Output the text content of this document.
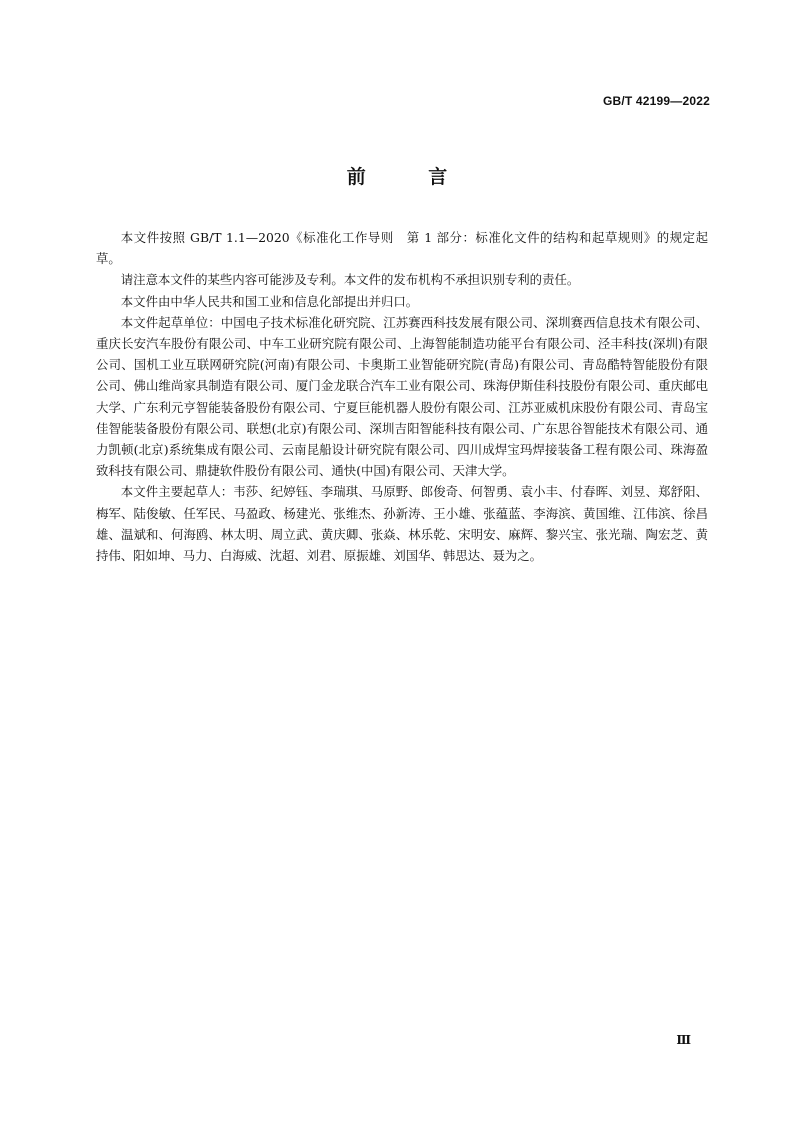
GB/T 42199—2022
前 言

本文件按照 GB/T 1.1—2020《标准化工作导则　第 1 部分：标准化文件的结构和起草规则》的规定起草。

请注意本文件的某些内容可能涉及专利。本文件的发布机构不承担识别专利的责任。

本文件由中华人民共和国工业和信息化部提出并归口。

本文件起草单位：中国电子技术标准化研究院、江苏赛西科技发展有限公司、深圳赛西信息技术有限公司、重庆长安汽车股份有限公司、中车工业研究院有限公司、上海智能制造功能平台有限公司、泾丰科技(深圳)有限公司、国机工业互联网研究院(河南)有限公司、卡奥斯工业智能研究院(青岛)有限公司、青岛酷特智能股份有限公司、佛山维尚家具制造有限公司、厦门金龙联合汽车工业有限公司、珠海伊斯佳科技股份有限公司、重庆邮电大学、广东利元亨智能装备股份有限公司、宁夏巨能机器人股份有限公司、江苏亚威机床股份有限公司、青岛宝佳智能装备股份有限公司、联想(北京)有限公司、深圳吉阳智能科技有限公司、广东思谷智能技术有限公司、通力凯顿(北京)系统集成有限公司、云南昆船设计研究院有限公司、四川成焊宝玛焊接装备工程有限公司、珠海盈致科技有限公司、鼎捷软件股份有限公司、通快(中国)有限公司、天津大学。

本文件主要起草人：韦莎、纪婷钰、李瑞琪、马原野、郎俊奇、何智勇、袁小丰、付春晖、刘昱、郑舒阳、梅军、陆俊敏、任军民、马盈政、杨建光、张维杰、孙新涛、王小雄、张蕴蓝、李海滨、黄国维、江伟滨、徐昌雄、温斌和、何海鸥、林太明、周立武、黄庆卿、张焱、林乐乾、宋明安、麻辉、黎兴宝、张光瑞、陶宏芝、黄持伟、阳如坤、马力、白海威、沈超、刘君、原振雄、刘国华、韩思达、聂为之。

Ⅲ
